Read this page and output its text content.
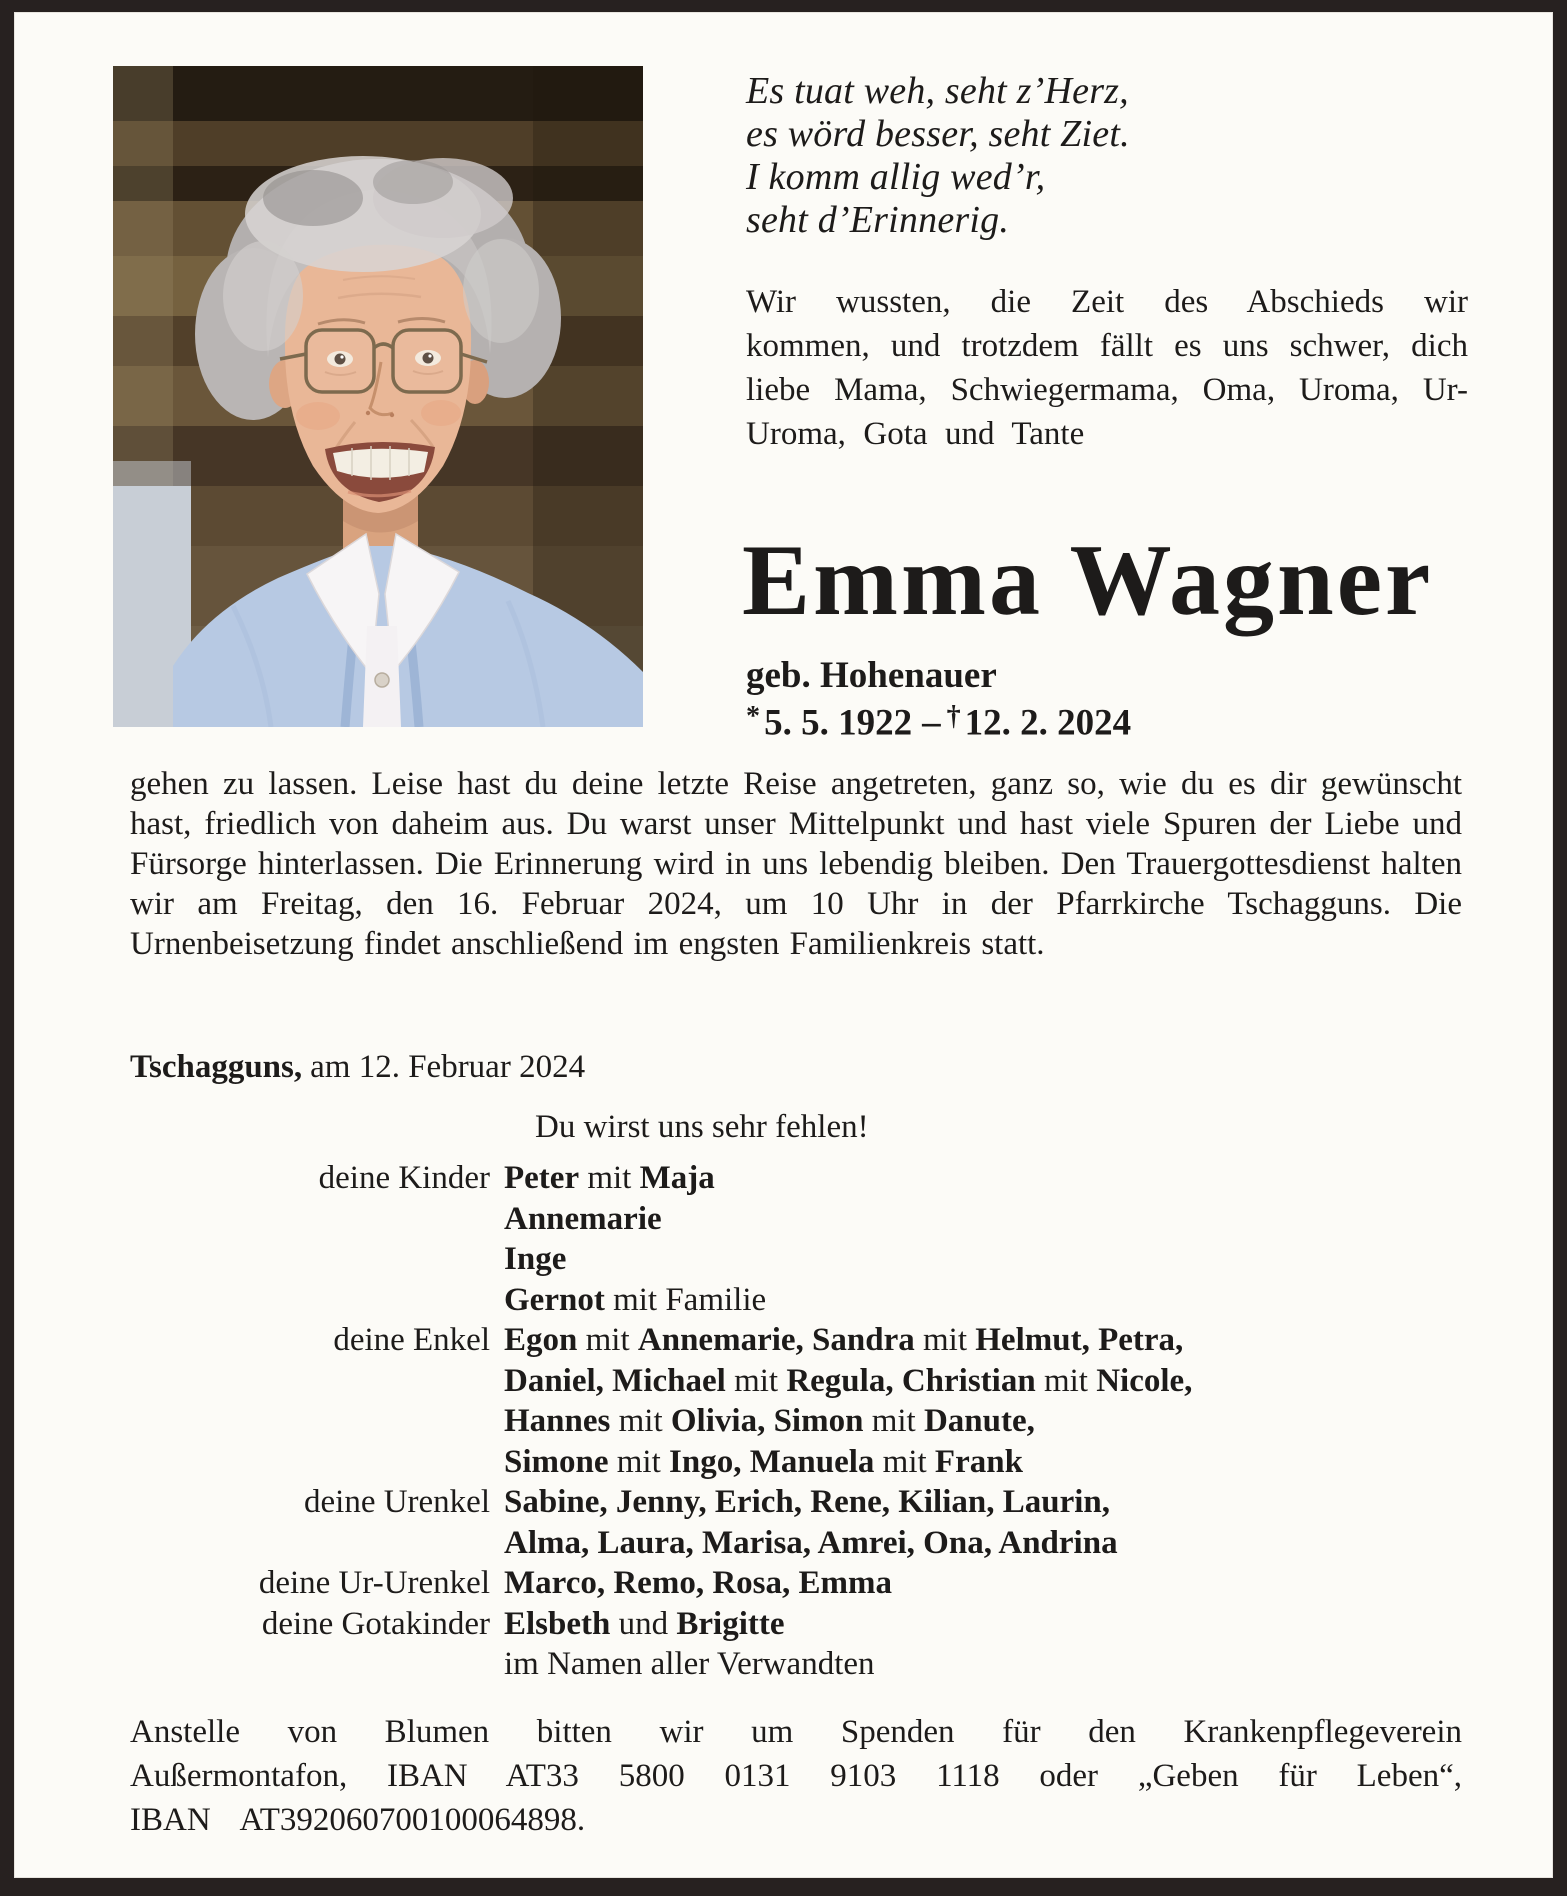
Es tuat weh, seht z’Herz,
es wörd besser, seht Ziet.
I komm allig wed’r,
seht d’Erinnerig.

Wir wussten, die Zeit des Abschieds wir kommen, und trotzdem fällt es uns schwer, dich liebe Mama, Schwiegermama, Oma, Uroma, Ur-Uroma, Gota und Tante

Emma Wagner
geb. Hohenauer
* 5. 5. 1922 – † 12. 2. 2024

gehen zu lassen. Leise hast du deine letzte Reise angetreten, ganz so, wie du es dir gewünscht hast, friedlich von daheim aus. Du warst unser Mittelpunkt und hast viele Spuren der Liebe und Fürsorge hinterlassen. Die Erinnerung wird in uns lebendig bleiben. Den Trauergottesdienst halten wir am Freitag, den 16. Februar 2024, um 10 Uhr in der Pfarrkirche Tschagguns. Die Urnenbeisetzung findet anschließend im engsten Familienkreis statt.

Tschagguns, am 12. Februar 2024
Du wirst uns sehr fehlen!
deine Kinder Peter mit Maja
Annemarie
Inge
Gernot mit Familie
deine Enkel Egon mit Annemarie, Sandra mit Helmut, Petra,
Daniel, Michael mit Regula, Christian mit Nicole,
Hannes mit Olivia, Simon mit Danute,
Simone mit Ingo, Manuela mit Frank
deine Urenkel Sabine, Jenny, Erich, Rene, Kilian, Laurin,
Alma, Laura, Marisa, Amrei, Ona, Andrina
deine Ur-Urenkel Marco, Remo, Rosa, Emma
deine Gotakinder Elsbeth und Brigitte
im Namen aller Verwandten

Anstelle von Blumen bitten wir um Spenden für den Krankenpflegeverein Außermontafon, IBAN AT33 5800 0131 9103 1118 oder „Geben für Leben“, IBAN AT392060700100064898.
